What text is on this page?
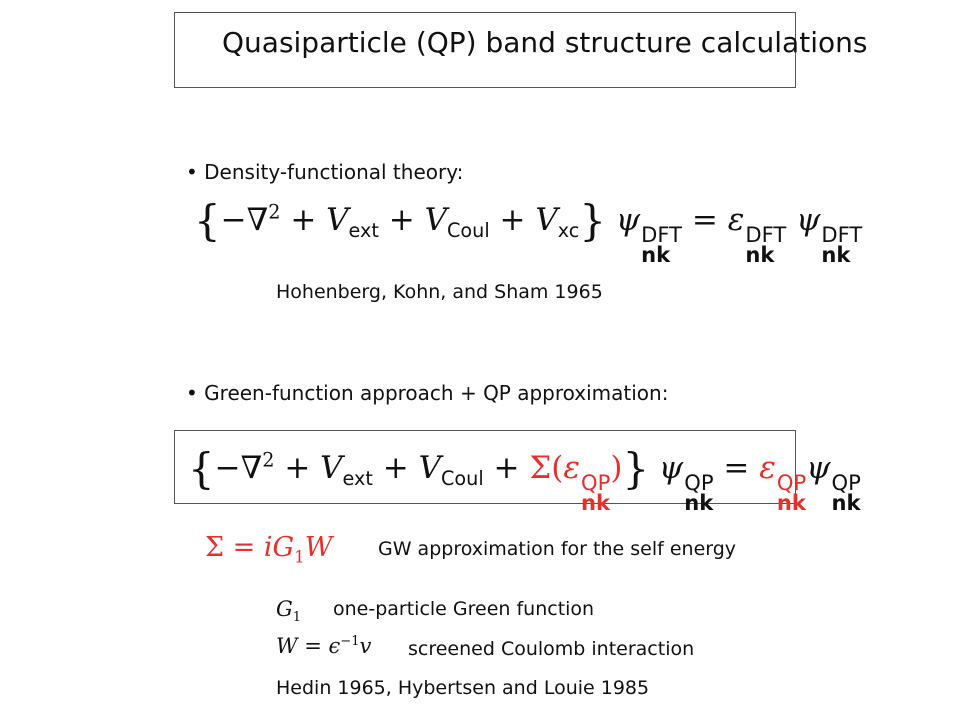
Quasiparticle (QP) band structure calculations
• Density-functional theory:
$\{-\nabla^2 + V_{ext} + V_{Coul} + V_{xc}\}$ ψ DFT
nk
= ε DFT
nk
ψ DFT
nk
Hohenberg, Kohn, and Sham 1965
• Green-function approach + QP approximation:
{$-\nabla^2 + V_{ext} + V_{Coul} + \Sigma(\varepsilon$ QP
nk
)} ψ QP
nk
= ε QP
nk
ψ QP
nk
$\Sigma = iG_1W$ GW approximation for the self energy
$G_1$ one-particle Green function
$W = \epsilon^{-1}v$ screened Coulomb interaction
Hedin 1965, Hybertsen and Louie 1985
